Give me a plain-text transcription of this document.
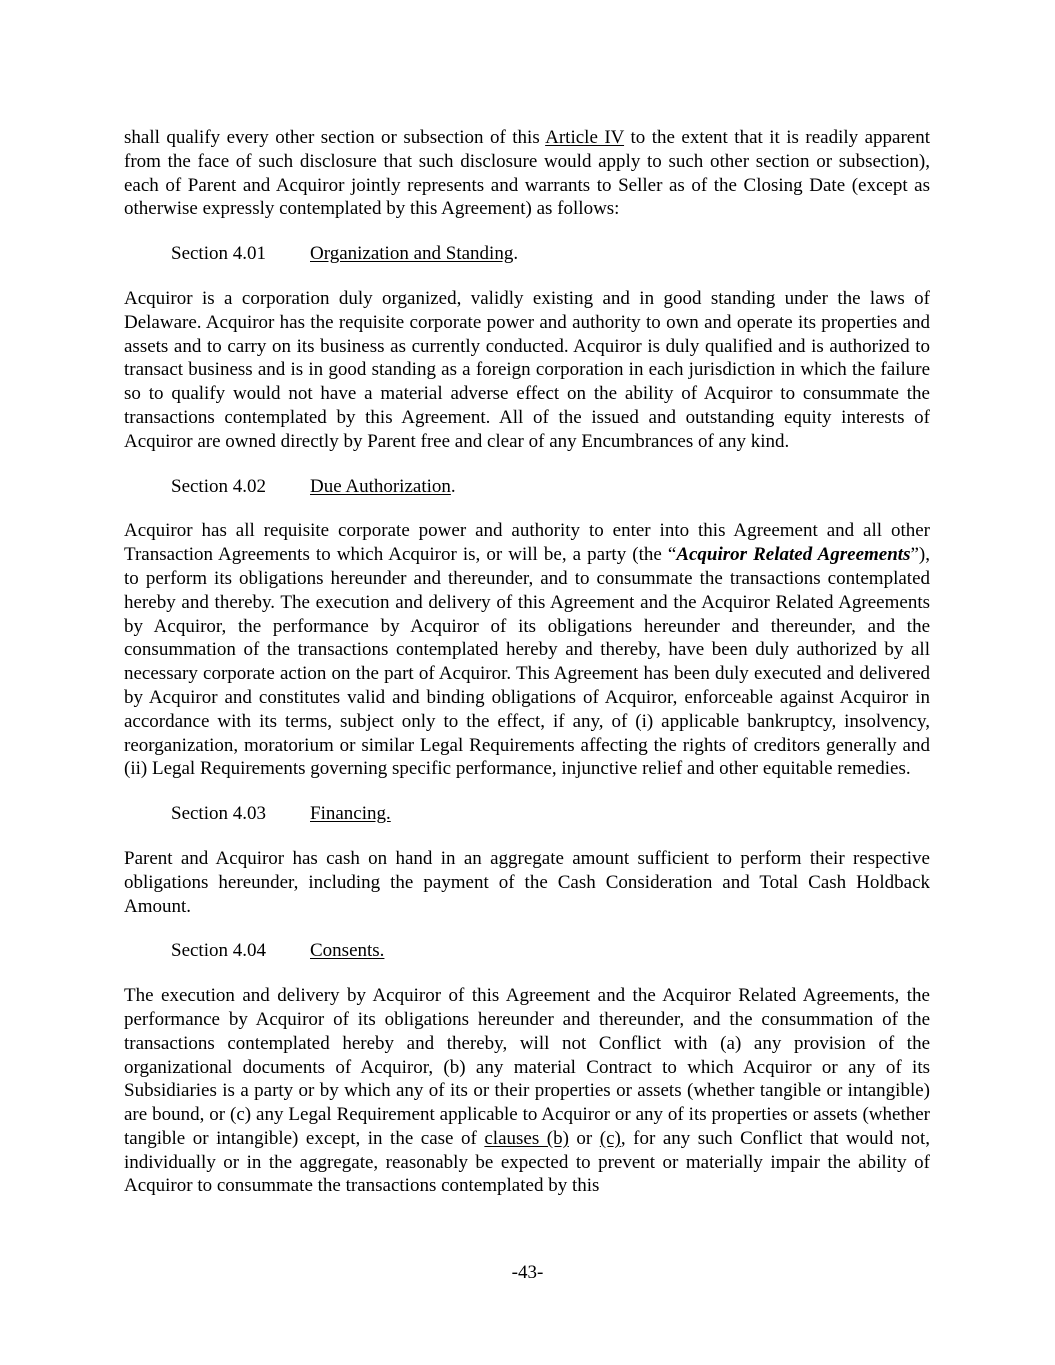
shall qualify every other section or subsection of this Article IV to the extent that it is readily apparent from the face of such disclosure that such disclosure would apply to such other section or subsection), each of Parent and Acquiror jointly represents and warrants to Seller as of the Closing Date (except as otherwise expressly contemplated by this Agreement) as follows:

Section 4.01 Organization and Standing.

Acquiror is a corporation duly organized, validly existing and in good standing under the laws of Delaware. Acquiror has the requisite corporate power and authority to own and operate its properties and assets and to carry on its business as currently conducted. Acquiror is duly qualified and is authorized to transact business and is in good standing as a foreign corporation in each jurisdiction in which the failure so to qualify would not have a material adverse effect on the ability of Acquiror to consummate the transactions contemplated by this Agreement. All of the issued and outstanding equity interests of Acquiror are owned directly by Parent free and clear of any Encumbrances of any kind.

Section 4.02 Due Authorization.

Acquiror has all requisite corporate power and authority to enter into this Agreement and all other Transaction Agreements to which Acquiror is, or will be, a party (the “Acquiror Related Agreements”), to perform its obligations hereunder and thereunder, and to consummate the transactions contemplated hereby and thereby. The execution and delivery of this Agreement and the Acquiror Related Agreements by Acquiror, the performance by Acquiror of its obligations hereunder and thereunder, and the consummation of the transactions contemplated hereby and thereby, have been duly authorized by all necessary corporate action on the part of Acquiror. This Agreement has been duly executed and delivered by Acquiror and constitutes valid and binding obligations of Acquiror, enforceable against Acquiror in accordance with its terms, subject only to the effect, if any, of (i) applicable bankruptcy, insolvency, reorganization, moratorium or similar Legal Requirements affecting the rights of creditors generally and (ii) Legal Requirements governing specific performance, injunctive relief and other equitable remedies.

Section 4.03 Financing.

Parent and Acquiror has cash on hand in an aggregate amount sufficient to perform their respective obligations hereunder, including the payment of the Cash Consideration and Total Cash Holdback Amount.

Section 4.04 Consents.

The execution and delivery by Acquiror of this Agreement and the Acquiror Related Agreements, the performance by Acquiror of its obligations hereunder and thereunder, and the consummation of the transactions contemplated hereby and thereby, will not Conflict with (a) any provision of the organizational documents of Acquiror, (b) any material Contract to which Acquiror or any of its Subsidiaries is a party or by which any of its or their properties or assets (whether tangible or intangible) are bound, or (c) any Legal Requirement applicable to Acquiror or any of its properties or assets (whether tangible or intangible) except, in the case of clauses (b) or (c), for any such Conflict that would not, individually or in the aggregate, reasonably be expected to prevent or materially impair the ability of Acquiror to consummate the transactions contemplated by this

-43-
